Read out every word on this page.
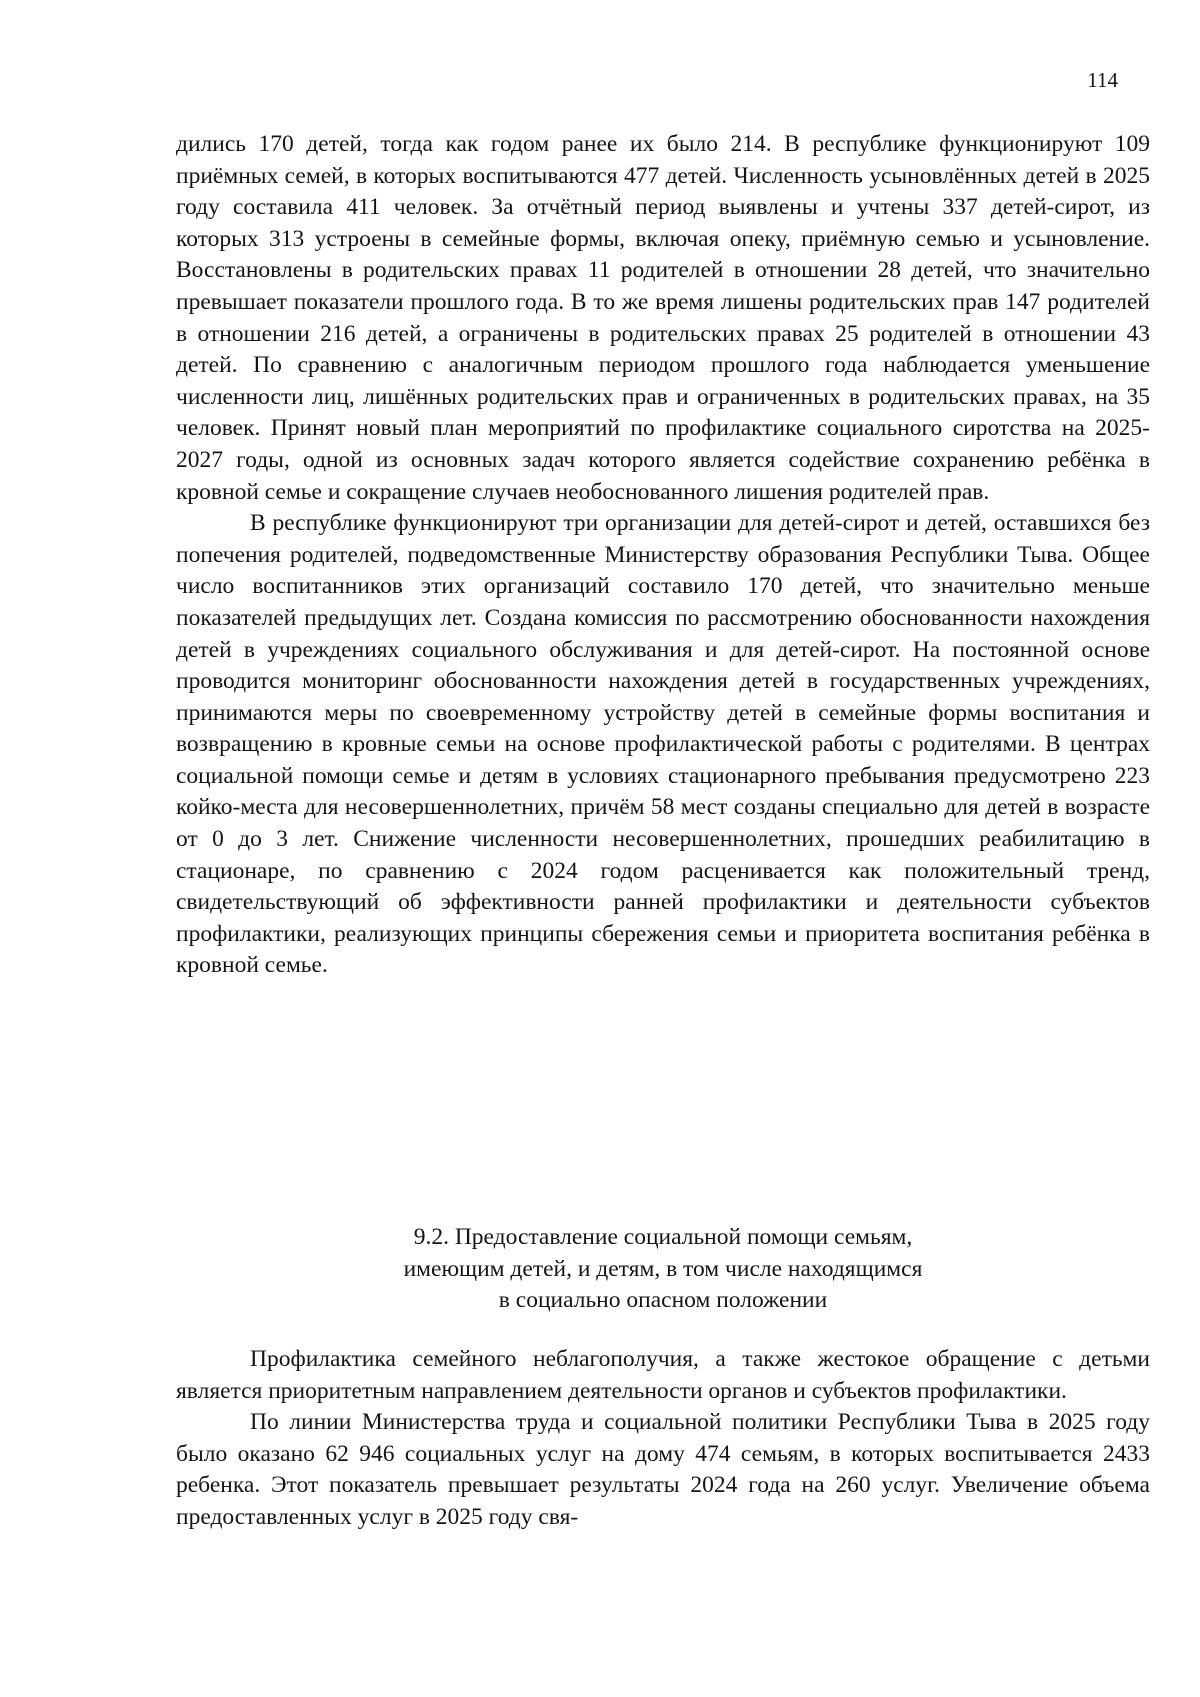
114

дились 170 детей, тогда как годом ранее их было 214. В республике функционируют 109 приёмных семей, в которых воспитываются 477 детей. Численность усыновлённых детей в 2025 году составила 411 человек. За отчётный период выявлены и учтены 337 детей-сирот, из которых 313 устроены в семейные формы, включая опеку, приёмную семью и усыновление. Восстановлены в родительских правах 11 родителей в отношении 28 детей, что значительно превышает показатели прошлого года. В то же время лишены родительских прав 147 родителей в отношении 216 детей, а ограничены в родительских правах 25 родителей в отношении 43 детей. По сравнению с аналогичным периодом прошлого года наблюдается уменьшение численности лиц, лишённых родительских прав и ограниченных в родительских правах, на 35 человек. Принят новый план мероприятий по профилактике социального сиротства на 2025-2027 годы, одной из основных задач которого является содействие сохранению ребёнка в кровной семье и сокращение случаев необоснованного лишения родителей прав.

В республике функционируют три организации для детей-сирот и детей, оставшихся без попечения родителей, подведомственные Министерству образования Республики Тыва. Общее число воспитанников этих организаций составило 170 детей, что значительно меньше показателей предыдущих лет. Создана комиссия по рассмотрению обоснованности нахождения детей в учреждениях социального обслуживания и для детей-сирот. На постоянной основе проводится мониторинг обоснованности нахождения детей в государственных учреждениях, принимаются меры по своевременному устройству детей в семейные формы воспитания и возвращению в кровные семьи на основе профилактической работы с родителями. В центрах социальной помощи семье и детям в условиях стационарного пребывания предусмотрено 223 койко-места для несовершеннолетних, причём 58 мест созданы специально для детей в возрасте от 0 до 3 лет. Снижение численности несовершеннолетних, прошедших реабилитацию в стационаре, по сравнению с 2024 годом расценивается как положительный тренд, свидетельствующий об эффективности ранней профилактики и деятельности субъектов профилактики, реализующих принципы сбережения семьи и приоритета воспитания ребёнка в кровной семье.

9.2. Предоставление социальной помощи семьям,
имеющим детей, и детям, в том числе находящимся
в социально опасном положении

Профилактика семейного неблагополучия, а также жестокое обращение с детьми является приоритетным направлением деятельности органов и субъектов профилактики.

По линии Министерства труда и социальной политики Республики Тыва в 2025 году было оказано 62 946 социальных услуг на дому 474 семьям, в которых воспитывается 2433 ребенка. Этот показатель превышает результаты 2024 года на 260 услуг. Увеличение объема предоставленных услуг в 2025 году свя-
